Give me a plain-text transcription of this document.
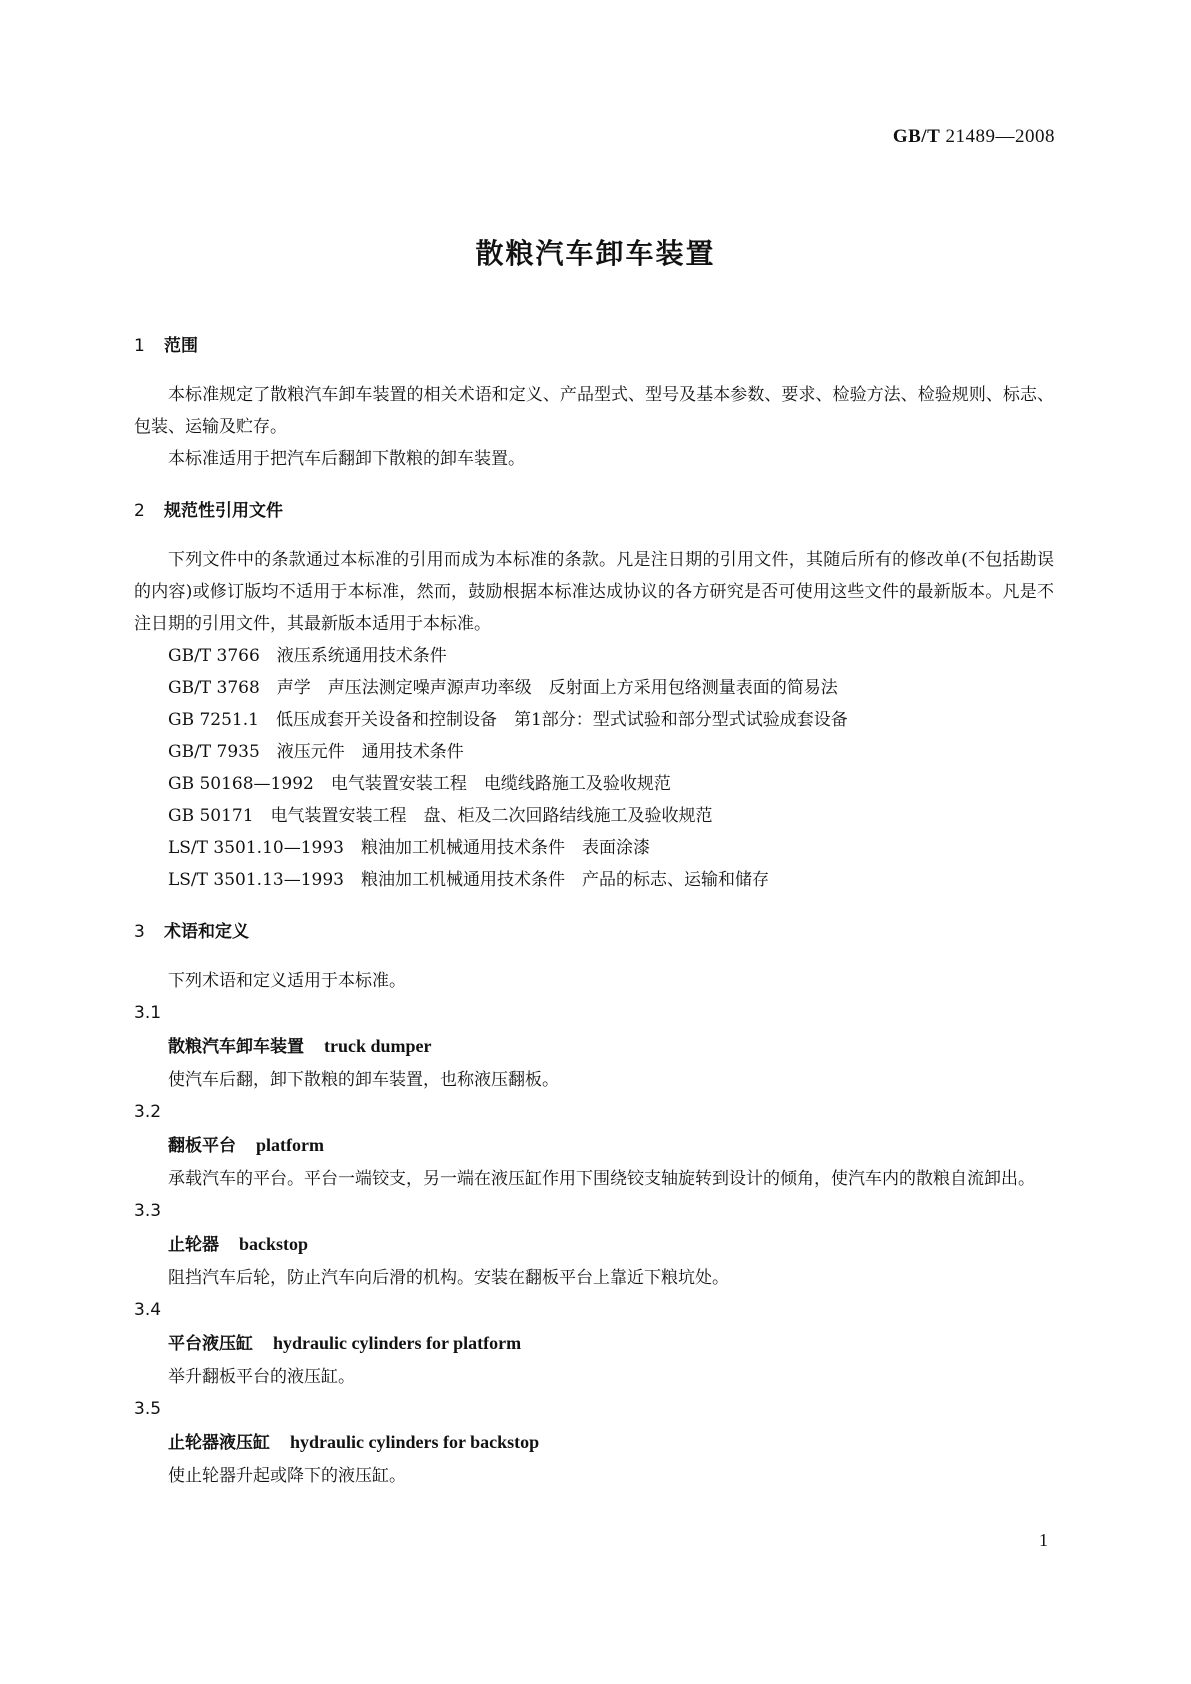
GB/T 21489—2008
散粮汽车卸车装置
1 范围

本标准规定了散粮汽车卸车装置的相关术语和定义、产品型式、型号及基本参数、要求、检验方法、检验规则、标志、包装、运输及贮存。

本标准适用于把汽车后翻卸下散粮的卸车装置。

2 规范性引用文件

下列文件中的条款通过本标准的引用而成为本标准的条款。凡是注日期的引用文件，其随后所有的修改单(不包括勘误的内容)或修订版均不适用于本标准，然而，鼓励根据本标准达成协议的各方研究是否可使用这些文件的最新版本。凡是不注日期的引用文件，其最新版本适用于本标准。

GB/T 3766　液压系统通用技术条件

GB/T 3768　声学　声压法测定噪声源声功率级　反射面上方采用包络测量表面的简易法

GB 7251.1　低压成套开关设备和控制设备　第1部分：型式试验和部分型式试验成套设备

GB/T 7935　液压元件　通用技术条件

GB 50168—1992　电气装置安装工程　电缆线路施工及验收规范

GB 50171　电气装置安装工程　盘、柜及二次回路结线施工及验收规范

LS/T 3501.10—1993　粮油加工机械通用技术条件　表面涂漆

LS/T 3501.13—1993　粮油加工机械通用技术条件　产品的标志、运输和储存

3 术语和定义

下列术语和定义适用于本标准。

3.1

散粮汽车卸车装置 truck dumper

使汽车后翻，卸下散粮的卸车装置，也称液压翻板。

3.2

翻板平台 platform

承载汽车的平台。平台一端铰支，另一端在液压缸作用下围绕铰支轴旋转到设计的倾角，使汽车内的散粮自流卸出。

3.3

止轮器 backstop

阻挡汽车后轮，防止汽车向后滑的机构。安装在翻板平台上靠近下粮坑处。

3.4

平台液压缸 hydraulic cylinders for platform

举升翻板平台的液压缸。

3.5

止轮器液压缸 hydraulic cylinders for backstop

使止轮器升起或降下的液压缸。

1
